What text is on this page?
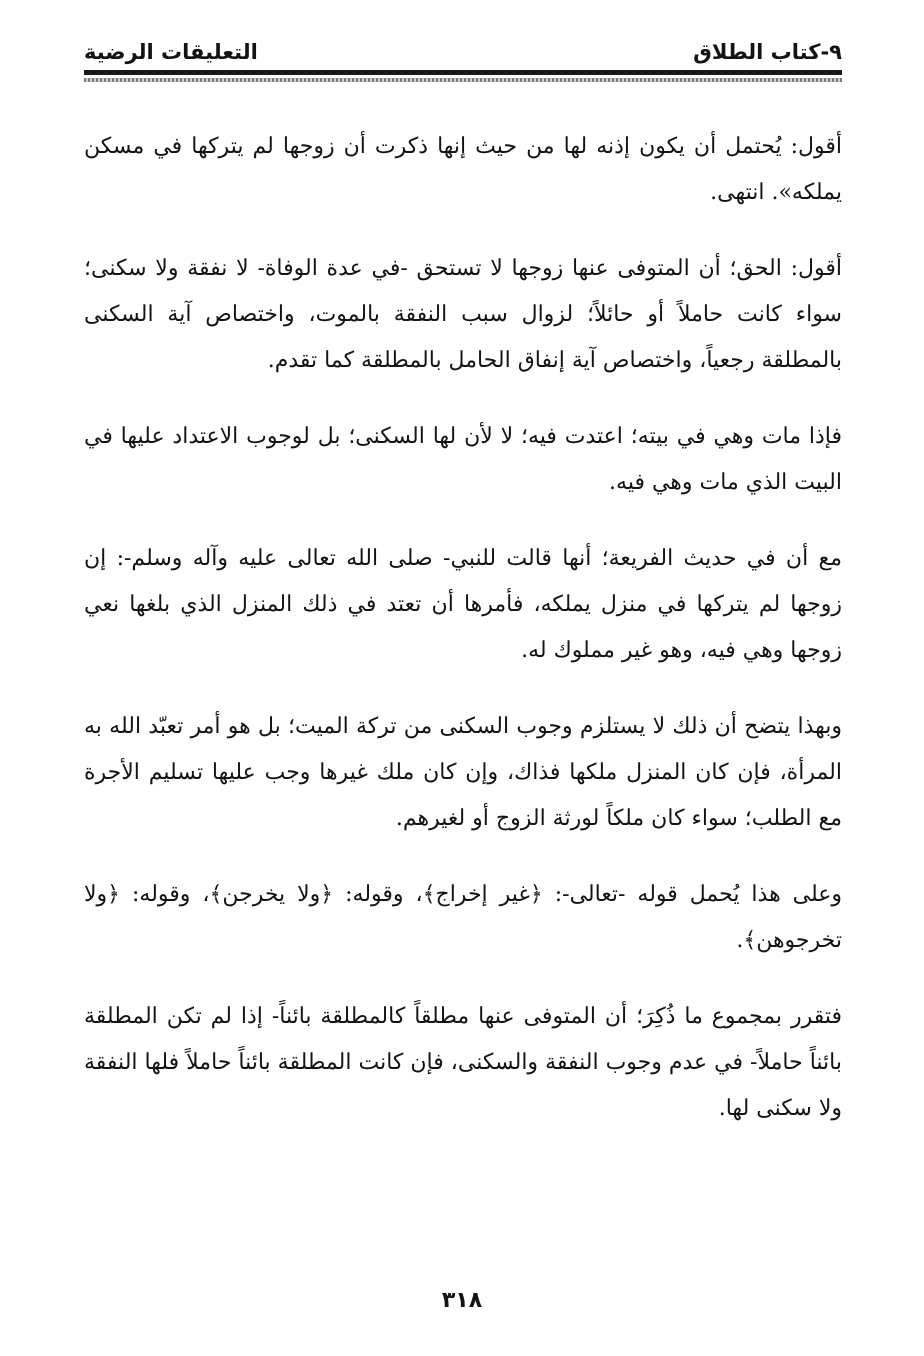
٩-كتاب الطلاق
التعليقات الرضية

أقول: يُحتمل أن يكون إذنه لها من حيث إنها ذكرت أن زوجها لم يتركها في مسكن يملكه». انتهى.

أقول: الحق؛ أن المتوفى عنها زوجها لا تستحق -في عدة الوفاة- لا نفقة ولا سكنى؛ سواء كانت حاملاً أو حائلاً؛ لزوال سبب النفقة بالموت، واختصاص آية السكنى بالمطلقة رجعياً، واختصاص آية إنفاق الحامل بالمطلقة كما تقدم.

فإذا مات وهي في بيته؛ اعتدت فيه؛ لا لأن لها السكنى؛ بل لوجوب الاعتداد عليها في البيت الذي مات وهي فيه.

مع أن في حديث الفريعة؛ أنها قالت للنبي- صلى الله تعالى عليه وآله وسلم-: إن زوجها لم يتركها في منزل يملكه، فأمرها أن تعتد في ذلك المنزل الذي بلغها نعي زوجها وهي فيه، وهو غير مملوك له.

وبهذا يتضح أن ذلك لا يستلزم وجوب السكنى من تركة الميت؛ بل هو أمر تعبّد الله به المرأة، فإن كان المنزل ملكها فذاك، وإن كان ملك غيرها وجب عليها تسليم الأجرة مع الطلب؛ سواء كان ملكاً لورثة الزوج أو لغيرهم.

وعلى هذا يُحمل قوله -تعالى-: ﴿غير إخراج﴾، وقوله: ﴿ولا يخرجن﴾، وقوله: ﴿ولا تخرجوهن﴾.

فتقرر بمجموع ما ذُكِرَ؛ أن المتوفى عنها مطلقاً كالمطلقة بائناً- إذا لم تكن المطلقة بائناً حاملاً- في عدم وجوب النفقة والسكنى، فإن كانت المطلقة بائناً حاملاً فلها النفقة ولا سكنى لها.

٣١٨
